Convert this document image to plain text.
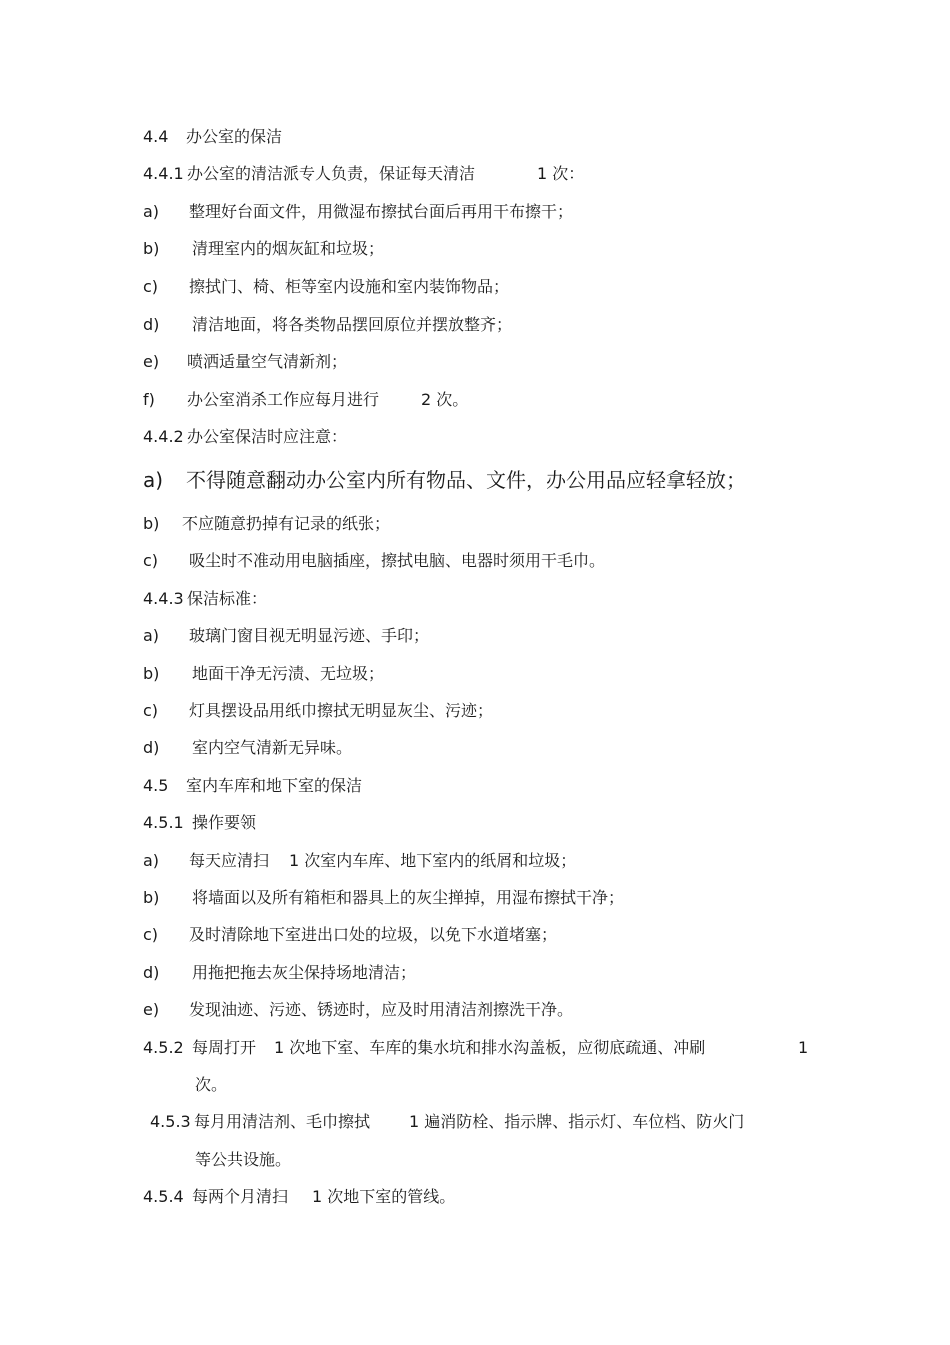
4.4 办公室的保洁
4.4.1 办公室的清洁派专人负责，保证每天清洁	1 次：
a) 整理好台面文件，用微湿布擦拭台面后再用干布擦干；
b) 清理室内的烟灰缸和垃圾；
c) 擦拭门、椅、柜等室内设施和室内装饰物品；
d) 清洁地面，将各类物品摆回原位并摆放整齐；
e) 喷洒适量空气清新剂；
f) 办公室消杀工作应每月进行	2 次。
4.4.2 办公室保洁时应注意：
a) 不得随意翻动办公室内所有物品、文件，办公用品应轻拿轻放；
b) 不应随意扔掉有记录的纸张；
c) 吸尘时不准动用电脑插座，擦拭电脑、电器时须用干毛巾。
4.4.3 保洁标准：
a) 玻璃门窗目视无明显污迹、手印；
b) 地面干净无污渍、无垃圾；
c) 灯具摆设品用纸巾擦拭无明显灰尘、污迹；
d) 室内空气清新无异味。
4.5 室内车库和地下室的保洁
4.5.1 操作要领
a) 每天应清扫 1 次室内车库、地下室内的纸屑和垃圾；
b) 将墙面以及所有箱柜和器具上的灰尘掸掉，用湿布擦拭干净；
c) 及时清除地下室进出口处的垃圾，以免下水道堵塞；
d) 用拖把拖去灰尘保持场地清洁；
e) 发现油迹、污迹、锈迹时，应及时用清洁剂擦洗干净。
4.5.2 每周打开 1 次地下室、车库的集水坑和排水沟盖板，应彻底疏通、冲刷	1
次。
4.5.3 每月用清洁剂、毛巾擦拭 1 遍消防栓、指示牌、指示灯、车位档、防火门
等公共设施。
4.5.4 每两个月清扫 1 次地下室的管线。
